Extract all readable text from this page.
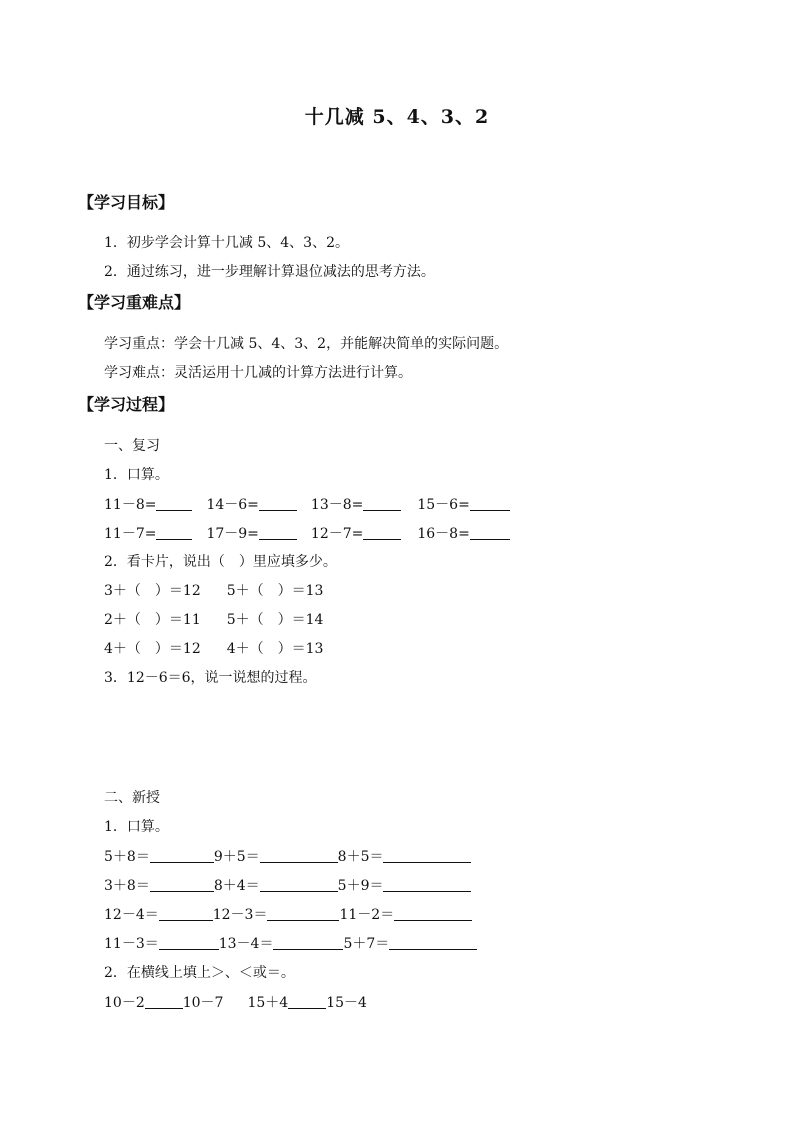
十几减 5、4、3、2
【学习目标】
1．初步学会计算十几减 5、4、3、2。
2．通过练习，进一步理解计算退位减法的思考方法。
【学习重难点】
学习重点：学会十几减 5、4、3、2，并能解决简单的实际问题。
学习难点：灵活运用十几减的计算方法进行计算。
【学习过程】
一、复习
1．口算。
11－8=	14－6=	13－8=	15－6=
11－7=	17－9=	12－7=	16－8=
2．看卡片，说出（　）里应填多少。
3＋（　）＝12 5＋（　）＝13
2＋（　）＝11 5＋（　）＝14
4＋（　）＝12 4＋（　）＝13
3．12－6＝6，说一说想的过程。
二、新授
1．口算。
5＋8＝	9＋5＝	8＋5＝
3＋8＝	8＋4＝	5＋9＝
12－4＝	12－3＝	11－2＝
11－3＝	13－4＝	5＋7＝
2．在横线上填上＞、＜或＝。
10－2	10－7 15＋4	15－4
